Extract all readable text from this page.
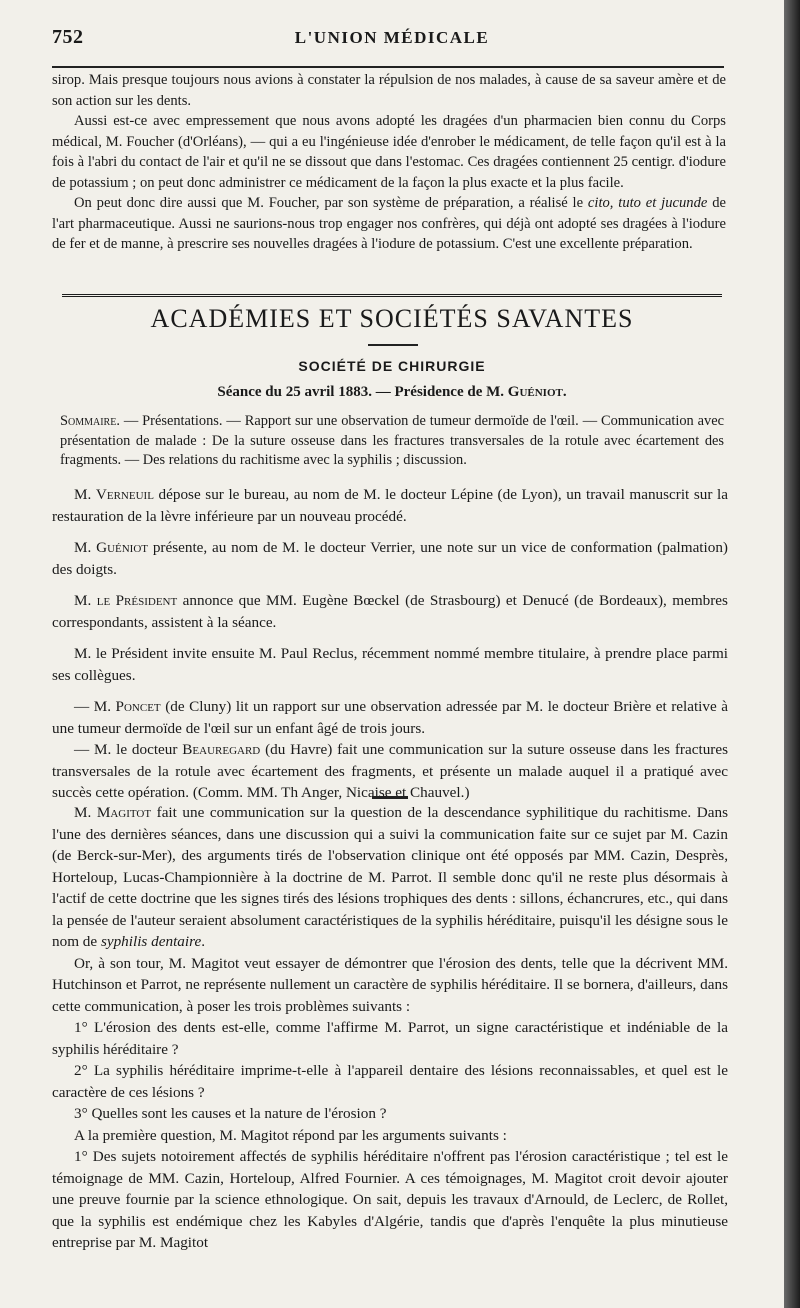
752	L'UNION MÉDICALE

sirop. Mais presque toujours nous avions à constater la répulsion de nos malades, à cause de sa saveur amère et de son action sur les dents.

Aussi est-ce avec empressement que nous avons adopté les dragées d'un pharmacien bien connu du Corps médical, M. Foucher (d'Orléans), — qui a eu l'ingénieuse idée d'enrober le médicament, de telle façon qu'il est à la fois à l'abri du contact de l'air et qu'il ne se dissout que dans l'estomac. Ces dragées contiennent 25 centigr. d'iodure de potassium ; on peut donc administrer ce médicament de la façon la plus exacte et la plus facile.

On peut donc dire aussi que M. Foucher, par son système de préparation, a réalisé le cito, tuto et jucunde de l'art pharmaceutique. Aussi ne saurions-nous trop engager nos confrères, qui déjà ont adopté ses dragées à l'iodure de fer et de manne, à prescrire ses nouvelles dragées à l'iodure de potassium. C'est une excellente préparation.

ACADÉMIES ET SOCIÉTÉS SAVANTES
SOCIÉTÉ DE CHIRURGIE
Séance du 25 avril 1883. — Présidence de M. Guéniot.
Sommaire. — Présentations. — Rapport sur une observation de tumeur dermoïde de l'œil. — Communication avec présentation de malade : De la suture osseuse dans les fractures transversales de la rotule avec écartement des fragments. — Des relations du rachitisme avec la syphilis ; discussion.

M. Verneuil dépose sur le bureau, au nom de M. le docteur Lépine (de Lyon), un travail manuscrit sur la restauration de la lèvre inférieure par un nouveau procédé.

M. Guéniot présente, au nom de M. le docteur Verrier, une note sur un vice de conformation (palmation) des doigts.

M. le Président annonce que MM. Eugène Bœckel (de Strasbourg) et Denucé (de Bordeaux), membres correspondants, assistent à la séance.

M. le Président invite ensuite M. Paul Reclus, récemment nommé membre titulaire, à prendre place parmi ses collègues.

— M. Poncet (de Cluny) lit un rapport sur une observation adressée par M. le docteur Brière et relative à une tumeur dermoïde de l'œil sur un enfant âgé de trois jours.

— M. le docteur Beauregard (du Havre) fait une communication sur la suture osseuse dans les fractures transversales de la rotule avec écartement des fragments, et présente un malade auquel il a pratiqué avec succès cette opération. (Comm. MM. Th Anger, Nicaise et Chauvel.)

M. Magitot fait une communication sur la question de la descendance syphilitique du rachitisme. Dans l'une des dernières séances, dans une discussion qui a suivi la communication faite sur ce sujet par M. Cazin (de Berck-sur-Mer), des arguments tirés de l'observation clinique ont été opposés par MM. Cazin, Desprès, Horteloup, Lucas-Championnière à la doctrine de M. Parrot. Il semble donc qu'il ne reste plus désormais à l'actif de cette doctrine que les signes tirés des lésions trophiques des dents : sillons, échancrures, etc., qui dans la pensée de l'auteur seraient absolument caractéristiques de la syphilis héréditaire, puisqu'il les désigne sous le nom de syphilis dentaire.

Or, à son tour, M. Magitot veut essayer de démontrer que l'érosion des dents, telle que la décrivent MM. Hutchinson et Parrot, ne représente nullement un caractère de syphilis héréditaire. Il se bornera, d'ailleurs, dans cette communication, à poser les trois problèmes suivants :

1° L'érosion des dents est-elle, comme l'affirme M. Parrot, un signe caractéristique et indéniable de la syphilis héréditaire ?

2° La syphilis héréditaire imprime-t-elle à l'appareil dentaire des lésions reconnaissables, et quel est le caractère de ces lésions ?

3° Quelles sont les causes et la nature de l'érosion ?

A la première question, M. Magitot répond par les arguments suivants :

1° Des sujets notoirement affectés de syphilis héréditaire n'offrent pas l'érosion caractéristique ; tel est le témoignage de MM. Cazin, Horteloup, Alfred Fournier. A ces témoignages, M. Magitot croit devoir ajouter une preuve fournie par la science ethnologique. On sait, depuis les travaux d'Arnould, de Leclerc, de Rollet, que la syphilis est endémique chez les Kabyles d'Algérie, tandis que d'après l'enquête la plus minutieuse entreprise par M. Magitot
